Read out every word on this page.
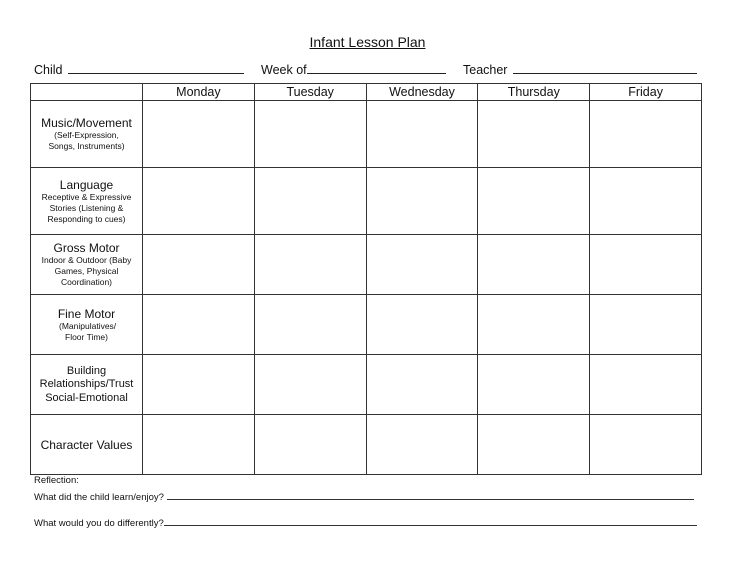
Infant Lesson Plan
Child	Week of	Teacher
	Monday	Tuesday	Wednesday	Thursday	Friday

Music/Movement
(Self-Expression, Songs, Instruments)					

Language
Receptive & Expressive Stories (Listening & Responding to cues)					

Gross Motor
Indoor & Outdoor (Baby Games, Physical Coordination)					

Fine Motor
(Manipulatives/ Floor Time)					

Building Relationships/Trust
Social-Emotional					

Character Values					

Reflection:
What did the child learn/enjoy?
What would you do differently?
